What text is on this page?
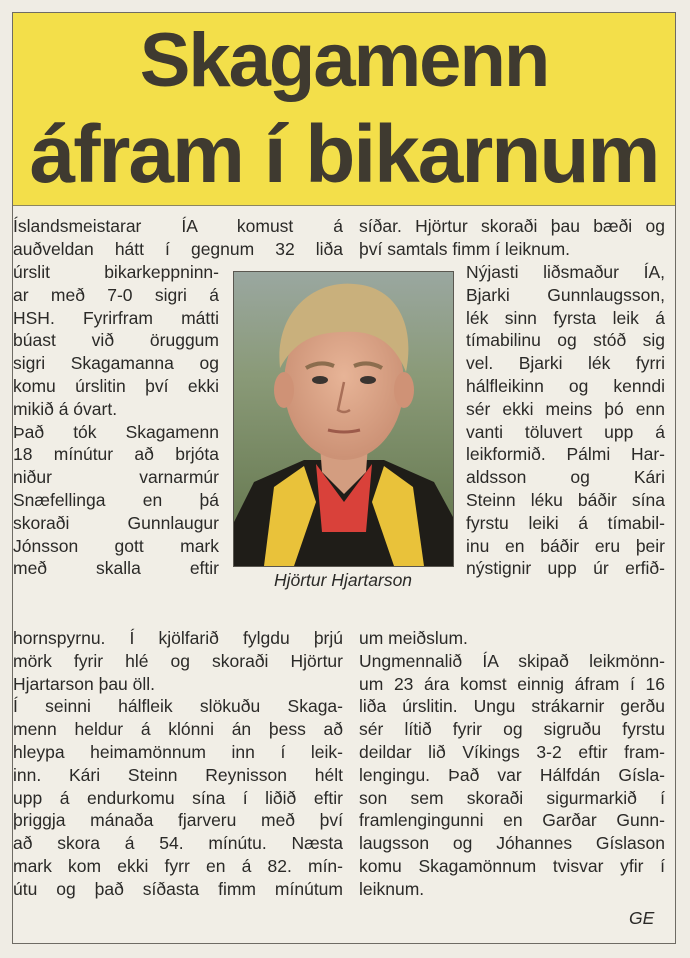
Skagamenn
áfram í bikarnum
Íslandsmeistarar ÍA komust á
auðveldan hátt í gegnum 32 liða
úrslit bikarkeppninn-
ar með 7-0 sigri á
HSH. Fyrirfram mátti
búast við öruggum
sigri Skagamanna og
komu úrslitin því ekki
mikið á óvart.
Það tók Skagamenn
18 mínútur að brjóta
niður varnarmúr
Snæfellinga en þá
skoraði Gunnlaugur
Jónsson gott mark
með skalla eftir
hornspyrnu. Í kjölfarið fylgdu þrjú
mörk fyrir hlé og skoraði Hjörtur
Hjartarson þau öll.
Í seinni hálfleik slökuðu Skaga-
menn heldur á klónni án þess að
hleypa heimamönnum inn í leik-
inn. Kári Steinn Reynisson hélt
upp á endurkomu sína í liðið eftir
þriggja mánaða fjarveru með því
að skora á 54. mínútu. Næsta
mark kom ekki fyrr en á 82. mín-
útu og það síðasta fimm mínútum
Hjörtur Hjartarson
síðar. Hjörtur skoraði þau bæði og
því samtals fimm í leiknum.
Nýjasti liðsmaður ÍA,
Bjarki Gunnlaugsson,
lék sinn fyrsta leik á
tímabilinu og stóð sig
vel. Bjarki lék fyrri
hálfleikinn og kenndi
sér ekki meins þó enn
vanti töluvert upp á
leikformið. Pálmi Har-
aldsson og Kári
Steinn léku báðir sína
fyrstu leiki á tímabil-
inu en báðir eru þeir
nýstignir upp úr erfið-
um meiðslum.
Ungmennalið ÍA skipað leikmönn-
um 23 ára komst einnig áfram í 16
liða úrslitin. Ungu strákarnir gerðu
sér lítið fyrir og sigruðu fyrstu
deildar lið Víkings 3-2 eftir fram-
lengingu. Það var Hálfdán Gísla-
son sem skoraði sigurmarkið í
framlengingunni en Garðar Gunn-
laugsson og Jóhannes Gíslason
komu Skagamönnum tvisvar yfir í
leiknum.
GE
